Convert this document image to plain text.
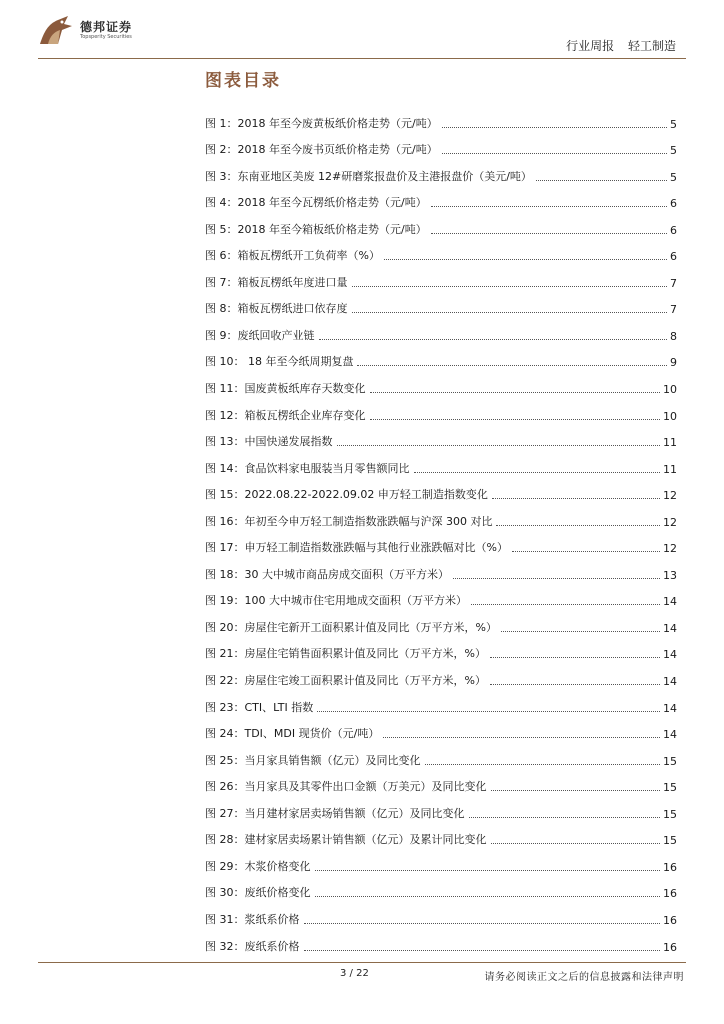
德邦证券
Topsperity Securities
行业周报 轻工制造
图表目录
图 1：2018 年至今废黄板纸价格走势（元/吨）	5
图 2：2018 年至今废书页纸价格走势（元/吨）	5
图 3：东南亚地区美废 12#研磨浆报盘价及主港报盘价（美元/吨）	5
图 4：2018 年至今瓦楞纸价格走势（元/吨）	6
图 5：2018 年至今箱板纸价格走势（元/吨）	6
图 6：箱板瓦楞纸开工负荷率（%）	6
图 7：箱板瓦楞纸年度进口量	7
图 8：箱板瓦楞纸进口依存度	7
图 9：废纸回收产业链	8
图 10： 18 年至今纸周期复盘	9
图 11：国废黄板纸库存天数变化	10
图 12：箱板瓦楞纸企业库存变化	10
图 13：中国快递发展指数	11
图 14：食品饮料家电服装当月零售额同比	11
图 15：2022.08.22-2022.09.02 申万轻工制造指数变化	12
图 16：年初至今申万轻工制造指数涨跌幅与沪深 300 对比	12
图 17：申万轻工制造指数涨跌幅与其他行业涨跌幅对比（%）	12
图 18：30 大中城市商品房成交面积（万平方米）	13
图 19：100 大中城市住宅用地成交面积（万平方米）	14
图 20：房屋住宅新开工面积累计值及同比（万平方米，%）	14
图 21：房屋住宅销售面积累计值及同比（万平方米，%）	14
图 22：房屋住宅竣工面积累计值及同比（万平方米，%）	14
图 23：CTI、LTI 指数	14
图 24：TDI、MDI 现货价（元/吨）	14
图 25：当月家具销售额（亿元）及同比变化	15
图 26：当月家具及其零件出口金额（万美元）及同比变化	15
图 27：当月建材家居卖场销售额（亿元）及同比变化	15
图 28：建材家居卖场累计销售额（亿元）及累计同比变化	15
图 29：木浆价格变化	16
图 30：废纸价格变化	16
图 31：浆纸系价格	16
图 32：废纸系价格	16
3 / 22	请务必阅读正文之后的信息披露和法律声明
